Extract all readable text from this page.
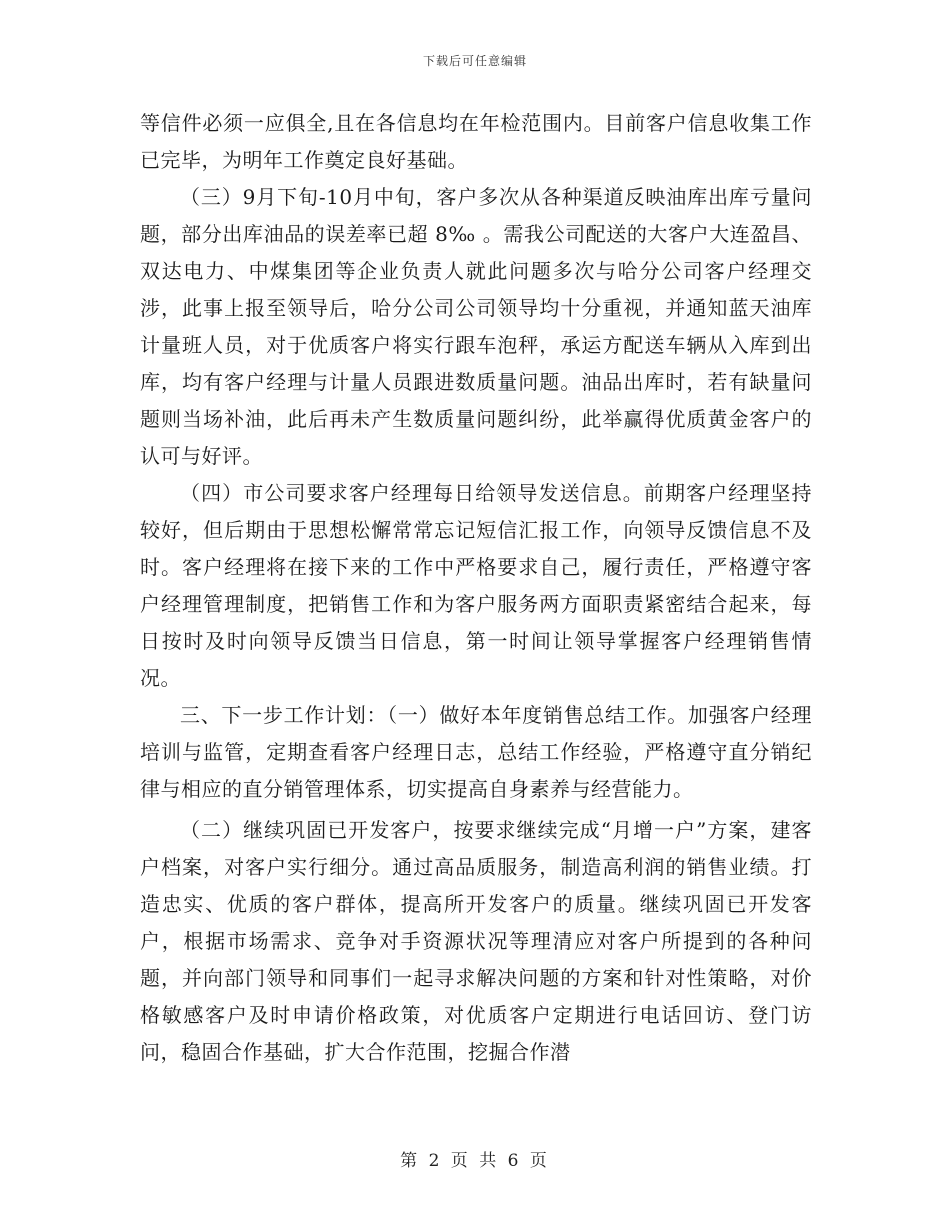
下载后可任意编辑

等信件必须一应俱全,且在各信息均在年检范围内。目前客户信息收集工作已完毕，为明年工作奠定良好基础。

（三）9月下旬-10月中旬，客户多次从各种渠道反映油库出库亏量问题，部分出库油品的误差率已超 8‰ 。需我公司配送的大客户大连盈昌、双达电力、中煤集团等企业负责人就此问题多次与哈分公司客户经理交涉，此事上报至领导后，哈分公司公司领导均十分重视，并通知蓝天油库计量班人员，对于优质客户将实行跟车泡秤，承运方配送车辆从入库到出库，均有客户经理与计量人员跟进数质量问题。油品出库时，若有缺量问题则当场补油，此后再未产生数质量问题纠纷，此举赢得优质黄金客户的认可与好评。

（四）市公司要求客户经理每日给领导发送信息。前期客户经理坚持较好，但后期由于思想松懈常常忘记短信汇报工作，向领导反馈信息不及时。客户经理将在接下来的工作中严格要求自己，履行责任，严格遵守客户经理管理制度，把销售工作和为客户服务两方面职责紧密结合起来，每日按时及时向领导反馈当日信息，第一时间让领导掌握客户经理销售情况。

三、下一步工作计划：（一）做好本年度销售总结工作。加强客户经理培训与监管，定期查看客户经理日志，总结工作经验，严格遵守直分销纪律与相应的直分销管理体系，切实提高自身素养与经营能力。

（二）继续巩固已开发客户，按要求继续完成“月增一户”方案，建客户档案，对客户实行细分。通过高品质服务，制造高利润的销售业绩。打造忠实、优质的客户群体，提高所开发客户的质量。继续巩固已开发客户，根据市场需求、竞争对手资源状况等理清应对客户所提到的各种问题，并向部门领导和同事们一起寻求解决问题的方案和针对性策略，对价格敏感客户及时申请价格政策，对优质客户定期进行电话回访、登门访问，稳固合作基础，扩大合作范围，挖掘合作潜

第 2 页 共 6 页
